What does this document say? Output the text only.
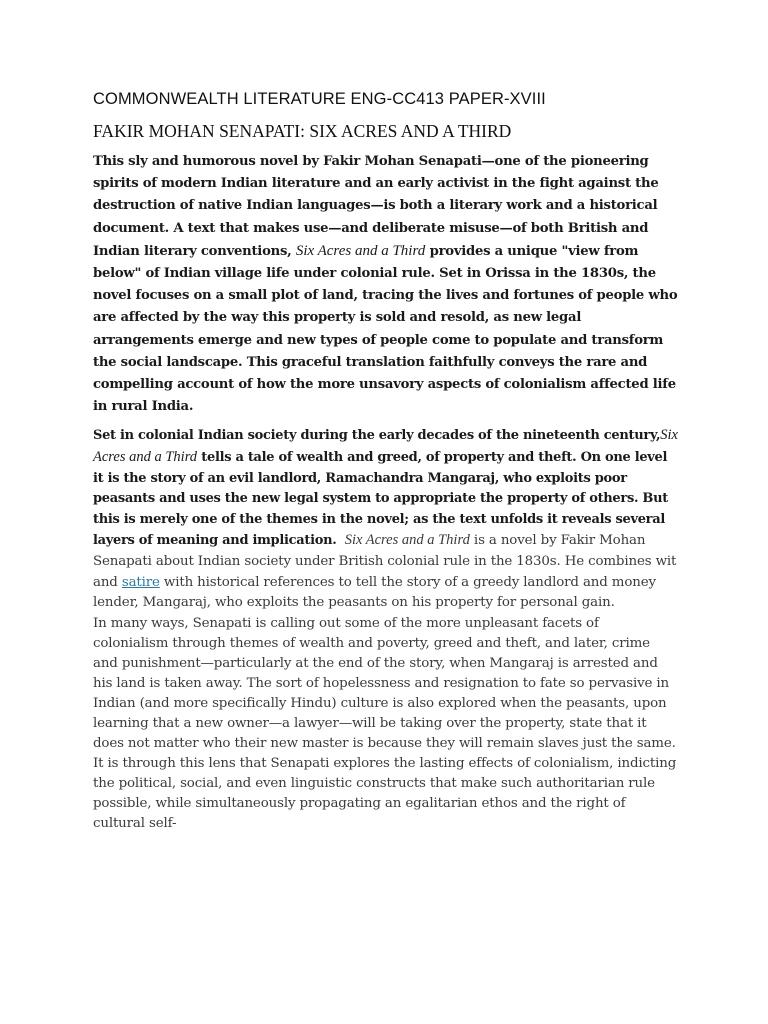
COMMONWEALTH LITERATURE ENG-CC413 PAPER-XVIII
FAKIR MOHAN SENAPATI: SIX ACRES AND A THIRD

This sly and humorous novel by Fakir Mohan Senapati—one of the pioneering spirits of modern Indian literature and an early activist in the fight against the destruction of native Indian languages—is both a literary work and a historical document. A text that makes use—and deliberate misuse—of both British and Indian literary conventions, Six Acres and a Third provides a unique "view from below" of Indian village life under colonial rule. Set in Orissa in the 1830s, the novel focuses on a small plot of land, tracing the lives and fortunes of people who are affected by the way this property is sold and resold, as new legal arrangements emerge and new types of people come to populate and transform the social landscape. This graceful translation faithfully conveys the rare and compelling account of how the more unsavory aspects of colonialism affected life in rural India.

Set in colonial Indian society during the early decades of the nineteenth century,Six Acres and a Third tells a tale of wealth and greed, of property and theft. On one level it is the story of an evil landlord, Ramachandra Mangaraj, who exploits poor peasants and uses the new legal system to appropriate the property of others. But this is merely one of the themes in the novel; as the text unfolds it reveals several layers of meaning and implication. Six Acres and a Third is a novel by Fakir Mohan Senapati about Indian society under British colonial rule in the 1830s. He combines wit and satire with historical references to tell the story of a greedy landlord and money lender, Mangaraj, who exploits the peasants on his property for personal gain.

In many ways, Senapati is calling out some of the more unpleasant facets of colonialism through themes of wealth and poverty, greed and theft, and later, crime and punishment—particularly at the end of the story, when Mangaraj is arrested and his land is taken away. The sort of hopelessness and resignation to fate so pervasive in Indian (and more specifically Hindu) culture is also explored when the peasants, upon learning that a new owner—a lawyer—will be taking over the property, state that it does not matter who their new master is because they will remain slaves just the same.

It is through this lens that Senapati explores the lasting effects of colonialism, indicting the political, social, and even linguistic constructs that make such authoritarian rule possible, while simultaneously propagating an egalitarian ethos and the right of cultural self-
